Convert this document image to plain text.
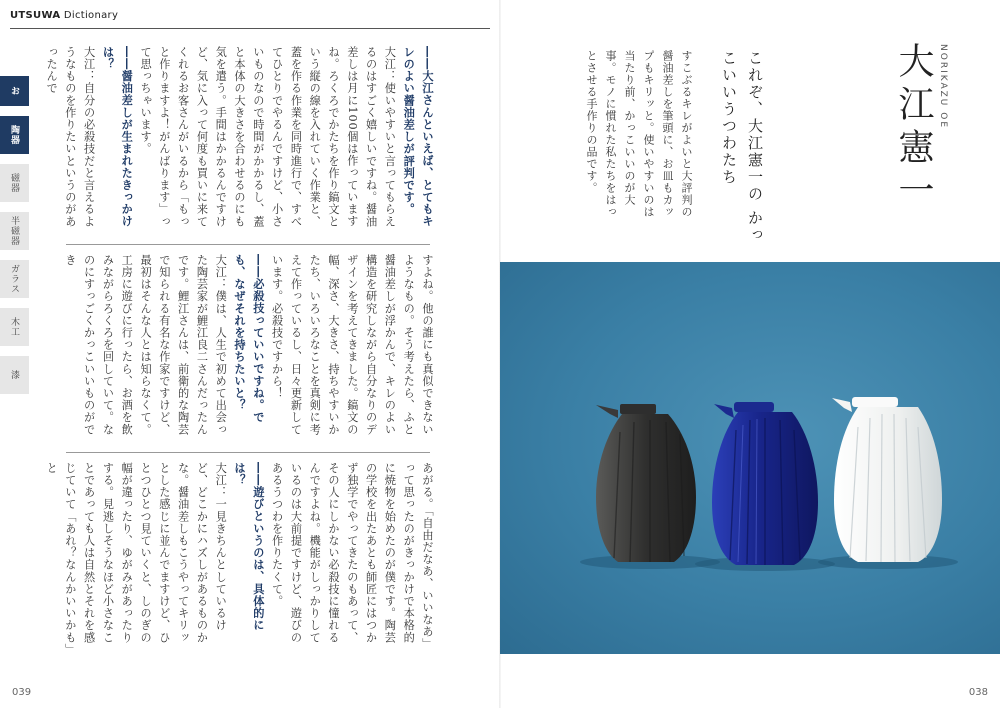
UTSUWA Dictionary
お
陶器
磁器
半磁器
ガラス
木工
漆

――大江さんといえば、とてもキレのよい醤油差しが評判です。

大江：使いやすいと言ってもらえるのはすごく嬉しいですね。醤油差しは月に100個は作っていますね。ろくろでかたちを作り鎬文という縦の線を入れていく作業と、蓋を作る作業を同時進行で、すべてひとりでやるんですけど、小さいものなので時間がかかるし、蓋と本体の大きさを合わせるのにも気を遣う。手間はかかるんですけど、気に入って何度も買いに来てくれるお客さんがいるから「もっと作りますよ！がんばります」って思っちゃいます。

――醤油差しが生まれたきっかけは？

大江：自分の必殺技だと言えるようなものを作りたいというのがあったんで

すよね。他の誰にも真似できないようなもの。そう考えたら、ふと醤油差しが浮かんで、キレのよい構造を研究しながら自分なりのデザインを考えてきました。鎬文の幅、深さ、大きさ、持ちやすいかたち、いろいろなことを真剣に考えて作っているし、日々更新しています。必殺技ですから！

――必殺技っていいですね。でも、なぜそれを持ちたいと？

大江：僕は、人生で初めて出会った陶芸家が鯉江良二さんだったんです。鯉江さんは、前衛的な陶芸で知られる有名な作家ですけど、最初はそんな人とは知らなくて。工房に遊びに行ったら、お酒を飲みながらろくろを回していて。なのにすっごくかっこいいものができ

あがる。「自由だなあ、いいなあ」って思ったのがきっかけで本格的に焼物を始めたのが僕です。陶芸の学校を出たあとも師匠にはつかず独学でやってきたのもあって、その人にしかない必殺技に憧れるんですよね。機能がしっかりしているのは大前提ですけど、遊びのあるうつわを作りたくて。

――遊びというのは、具体的には？

大江：一見きちんとしているけど、どこかにハズしがあるものかな。醤油差しもこうやってキリッとした感じに並んでますけど、ひとつひとつ見ていくと、しのぎの幅が違ったり、ゆがみがあったりする。見逃しそうなほど小さなことであっても人は自然とそれを感じていて「あれ？なんかいいかも」と

039
NORIKAZU OE
大江憲一
これぞ、大江憲一の かっこいいうつわたち
すこぶるキレがよいと大評判の醤油差しを筆頭に、お皿もカップもキリッと。使いやすいのは当たり前、かっこいいのが大事。モノに慣れた私たちをはっとさせる手作りの品です。
038
